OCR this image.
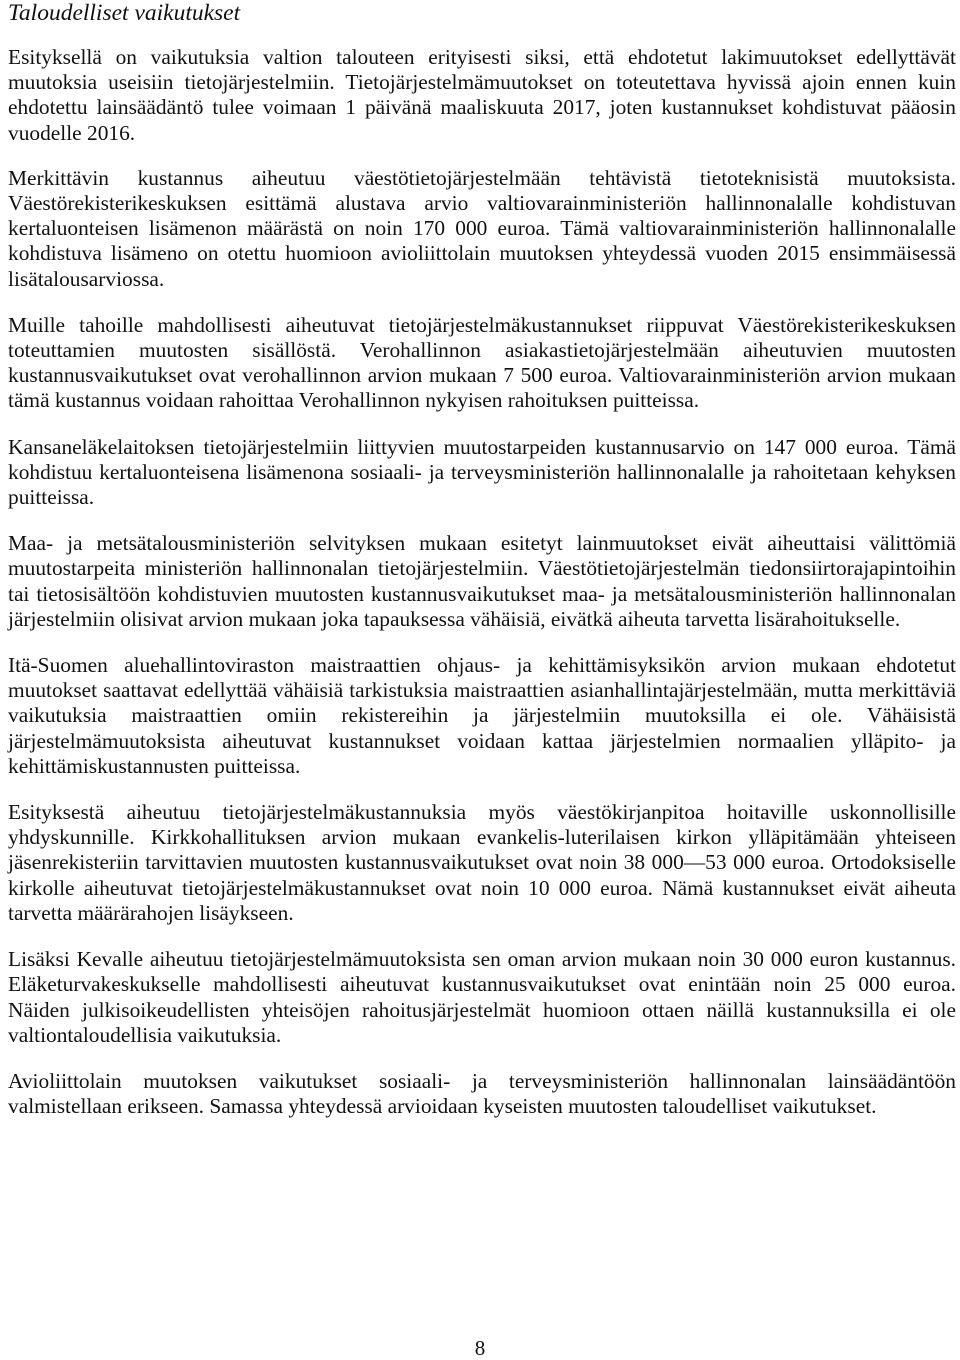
Taloudelliset vaikutukset

Esityksellä on vaikutuksia valtion talouteen erityisesti siksi, että ehdotetut lakimuutokset edellyttävät muutoksia useisiin tietojärjestelmiin. Tietojärjestelmämuutokset on toteutettava hyvissä ajoin ennen kuin ehdotettu lainsäädäntö tulee voimaan 1 päivänä maaliskuuta 2017, joten kustannukset kohdistuvat pääosin vuodelle 2016.

Merkittävin kustannus aiheutuu väestötietojärjestelmään tehtävistä tietoteknisistä muutoksista. Väestörekisterikeskuksen esittämä alustava arvio valtiovarainministeriön hallinnonalalle kohdistuvan kertaluonteisen lisämenon määrästä on noin 170 000 euroa. Tämä valtiovarainministeriön hallinnonalalle kohdistuva lisämeno on otettu huomioon avioliittolain muutoksen yhteydessä vuoden 2015 ensimmäisessä lisätalousarviossa.

Muille tahoille mahdollisesti aiheutuvat tietojärjestelmäkustannukset riippuvat Väestörekisterikeskuksen toteuttamien muutosten sisällöstä. Verohallinnon asiakastietojärjestelmään aiheutuvien muutosten kustannusvaikutukset ovat verohallinnon arvion mukaan 7 500 euroa. Valtiovarainministeriön arvion mukaan tämä kustannus voidaan rahoittaa Verohallinnon nykyisen rahoituksen puitteissa.

Kansaneläkelaitoksen tietojärjestelmiin liittyvien muutostarpeiden kustannusarvio on 147 000 euroa. Tämä kohdistuu kertaluonteisena lisämenona sosiaali- ja terveysministeriön hallinnonalalle ja rahoitetaan kehyksen puitteissa.

Maa- ja metsätalousministeriön selvityksen mukaan esitetyt lainmuutokset eivät aiheuttaisi välittömiä muutostarpeita ministeriön hallinnonalan tietojärjestelmiin. Väestötietojärjestelmän tiedonsiirtorajapintoihin tai tietosisältöön kohdistuvien muutosten kustannusvaikutukset maa- ja metsätalousministeriön hallinnonalan järjestelmiin olisivat arvion mukaan joka tapauksessa vähäisiä, eivätkä aiheuta tarvetta lisärahoitukselle.

Itä-Suomen aluehallintoviraston maistraattien ohjaus- ja kehittämisyksikön arvion mukaan ehdotetut muutokset saattavat edellyttää vähäisiä tarkistuksia maistraattien asianhallintajärjestelmään, mutta merkittäviä vaikutuksia maistraattien omiin rekistereihin ja järjestelmiin muutoksilla ei ole. Vähäisistä järjestelmämuutoksista aiheutuvat kustannukset voidaan kattaa järjestelmien normaalien ylläpito- ja kehittämiskustannusten puitteissa.

Esityksestä aiheutuu tietojärjestelmäkustannuksia myös väestökirjanpitoa hoitaville uskonnollisille yhdyskunnille. Kirkkohallituksen arvion mukaan evankelis-luterilaisen kirkon ylläpitämään yhteiseen jäsenrekisteriin tarvittavien muutosten kustannusvaikutukset ovat noin 38 000—53 000 euroa. Ortodoksiselle kirkolle aiheutuvat tietojärjestelmäkustannukset ovat noin 10 000 euroa. Nämä kustannukset eivät aiheuta tarvetta määrärahojen lisäykseen.

Lisäksi Kevalle aiheutuu tietojärjestelmämuutoksista sen oman arvion mukaan noin 30 000 euron kustannus. Eläketurvakeskukselle mahdollisesti aiheutuvat kustannusvaikutukset ovat enintään noin 25 000 euroa. Näiden julkisoikeudellisten yhteisöjen rahoitusjärjestelmät huomioon ottaen näillä kustannuksilla ei ole valtiontaloudellisia vaikutuksia.

Avioliittolain muutoksen vaikutukset sosiaali- ja terveysministeriön hallinnonalan lainsäädäntöön valmistellaan erikseen. Samassa yhteydessä arvioidaan kyseisten muutosten taloudelliset vaikutukset.

8
